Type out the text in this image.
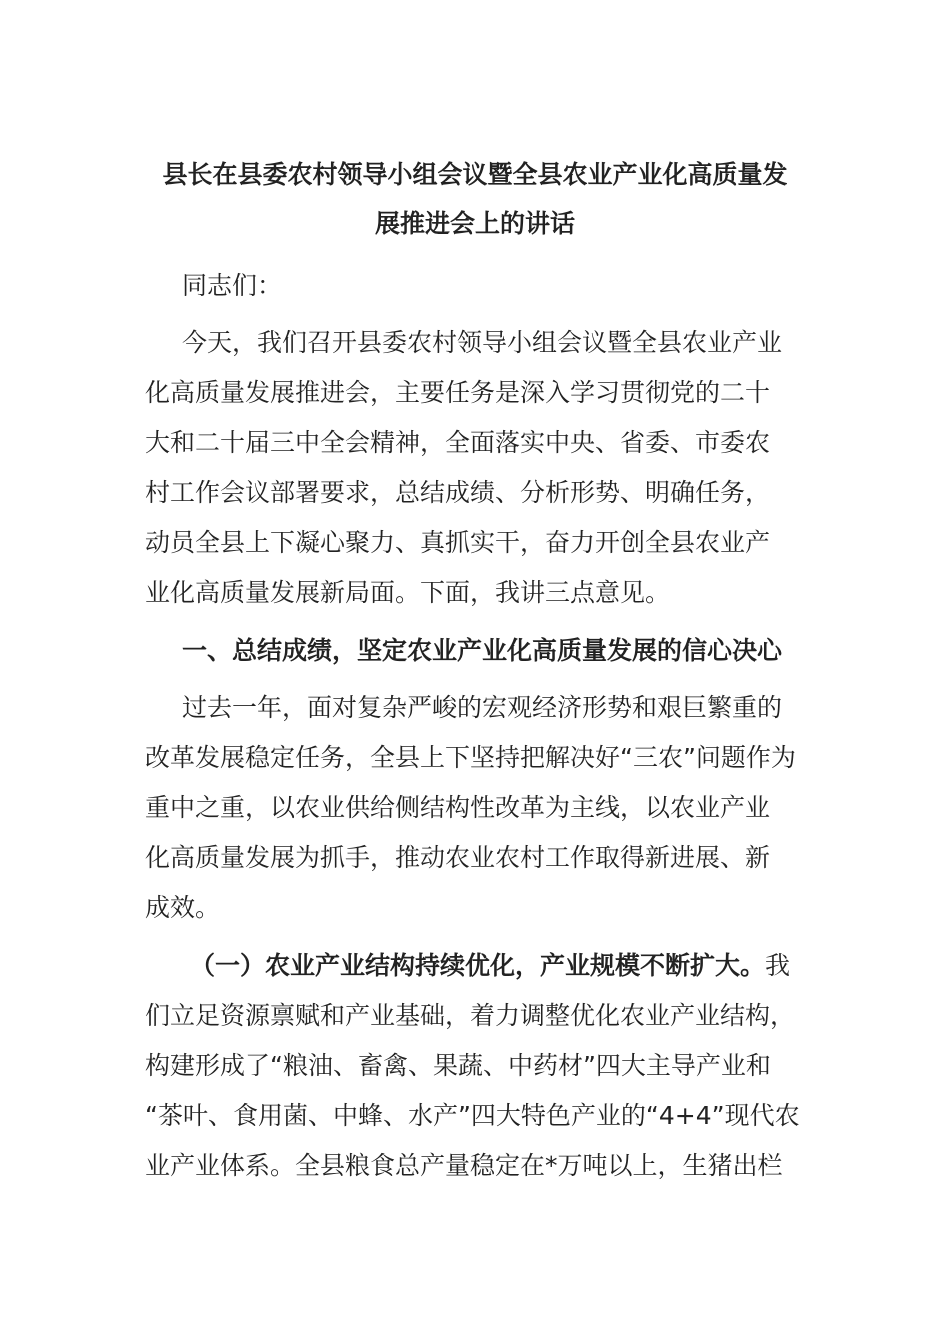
县长在县委农村领导小组会议暨全县农业产业化高质量发
展推进会上的讲话

同志们：

今天，我们召开县委农村领导小组会议暨全县农业产业

化高质量发展推进会，主要任务是深入学习贯彻党的二十

大和二十届三中全会精神，全面落实中央、省委、市委农

村工作会议部署要求，总结成绩、分析形势、明确任务，

动员全县上下凝心聚力、真抓实干，奋力开创全县农业产

业化高质量发展新局面。下面，我讲三点意见。

一、总结成绩，坚定农业产业化高质量发展的信心决心

过去一年，面对复杂严峻的宏观经济形势和艰巨繁重的

改革发展稳定任务，全县上下坚持把解决好“三农”问题作为

重中之重，以农业供给侧结构性改革为主线，以农业产业

化高质量发展为抓手，推动农业农村工作取得新进展、新

成效。

（一）农业产业结构持续优化，产业规模不断扩大。我

们立足资源禀赋和产业基础，着力调整优化农业产业结构，

构建形成了“粮油、畜禽、果蔬、中药材”四大主导产业和

“茶叶、食用菌、中蜂、水产”四大特色产业的“4+4”现代农

业产业体系。全县粮食总产量稳定在*万吨以上，生猪出栏
